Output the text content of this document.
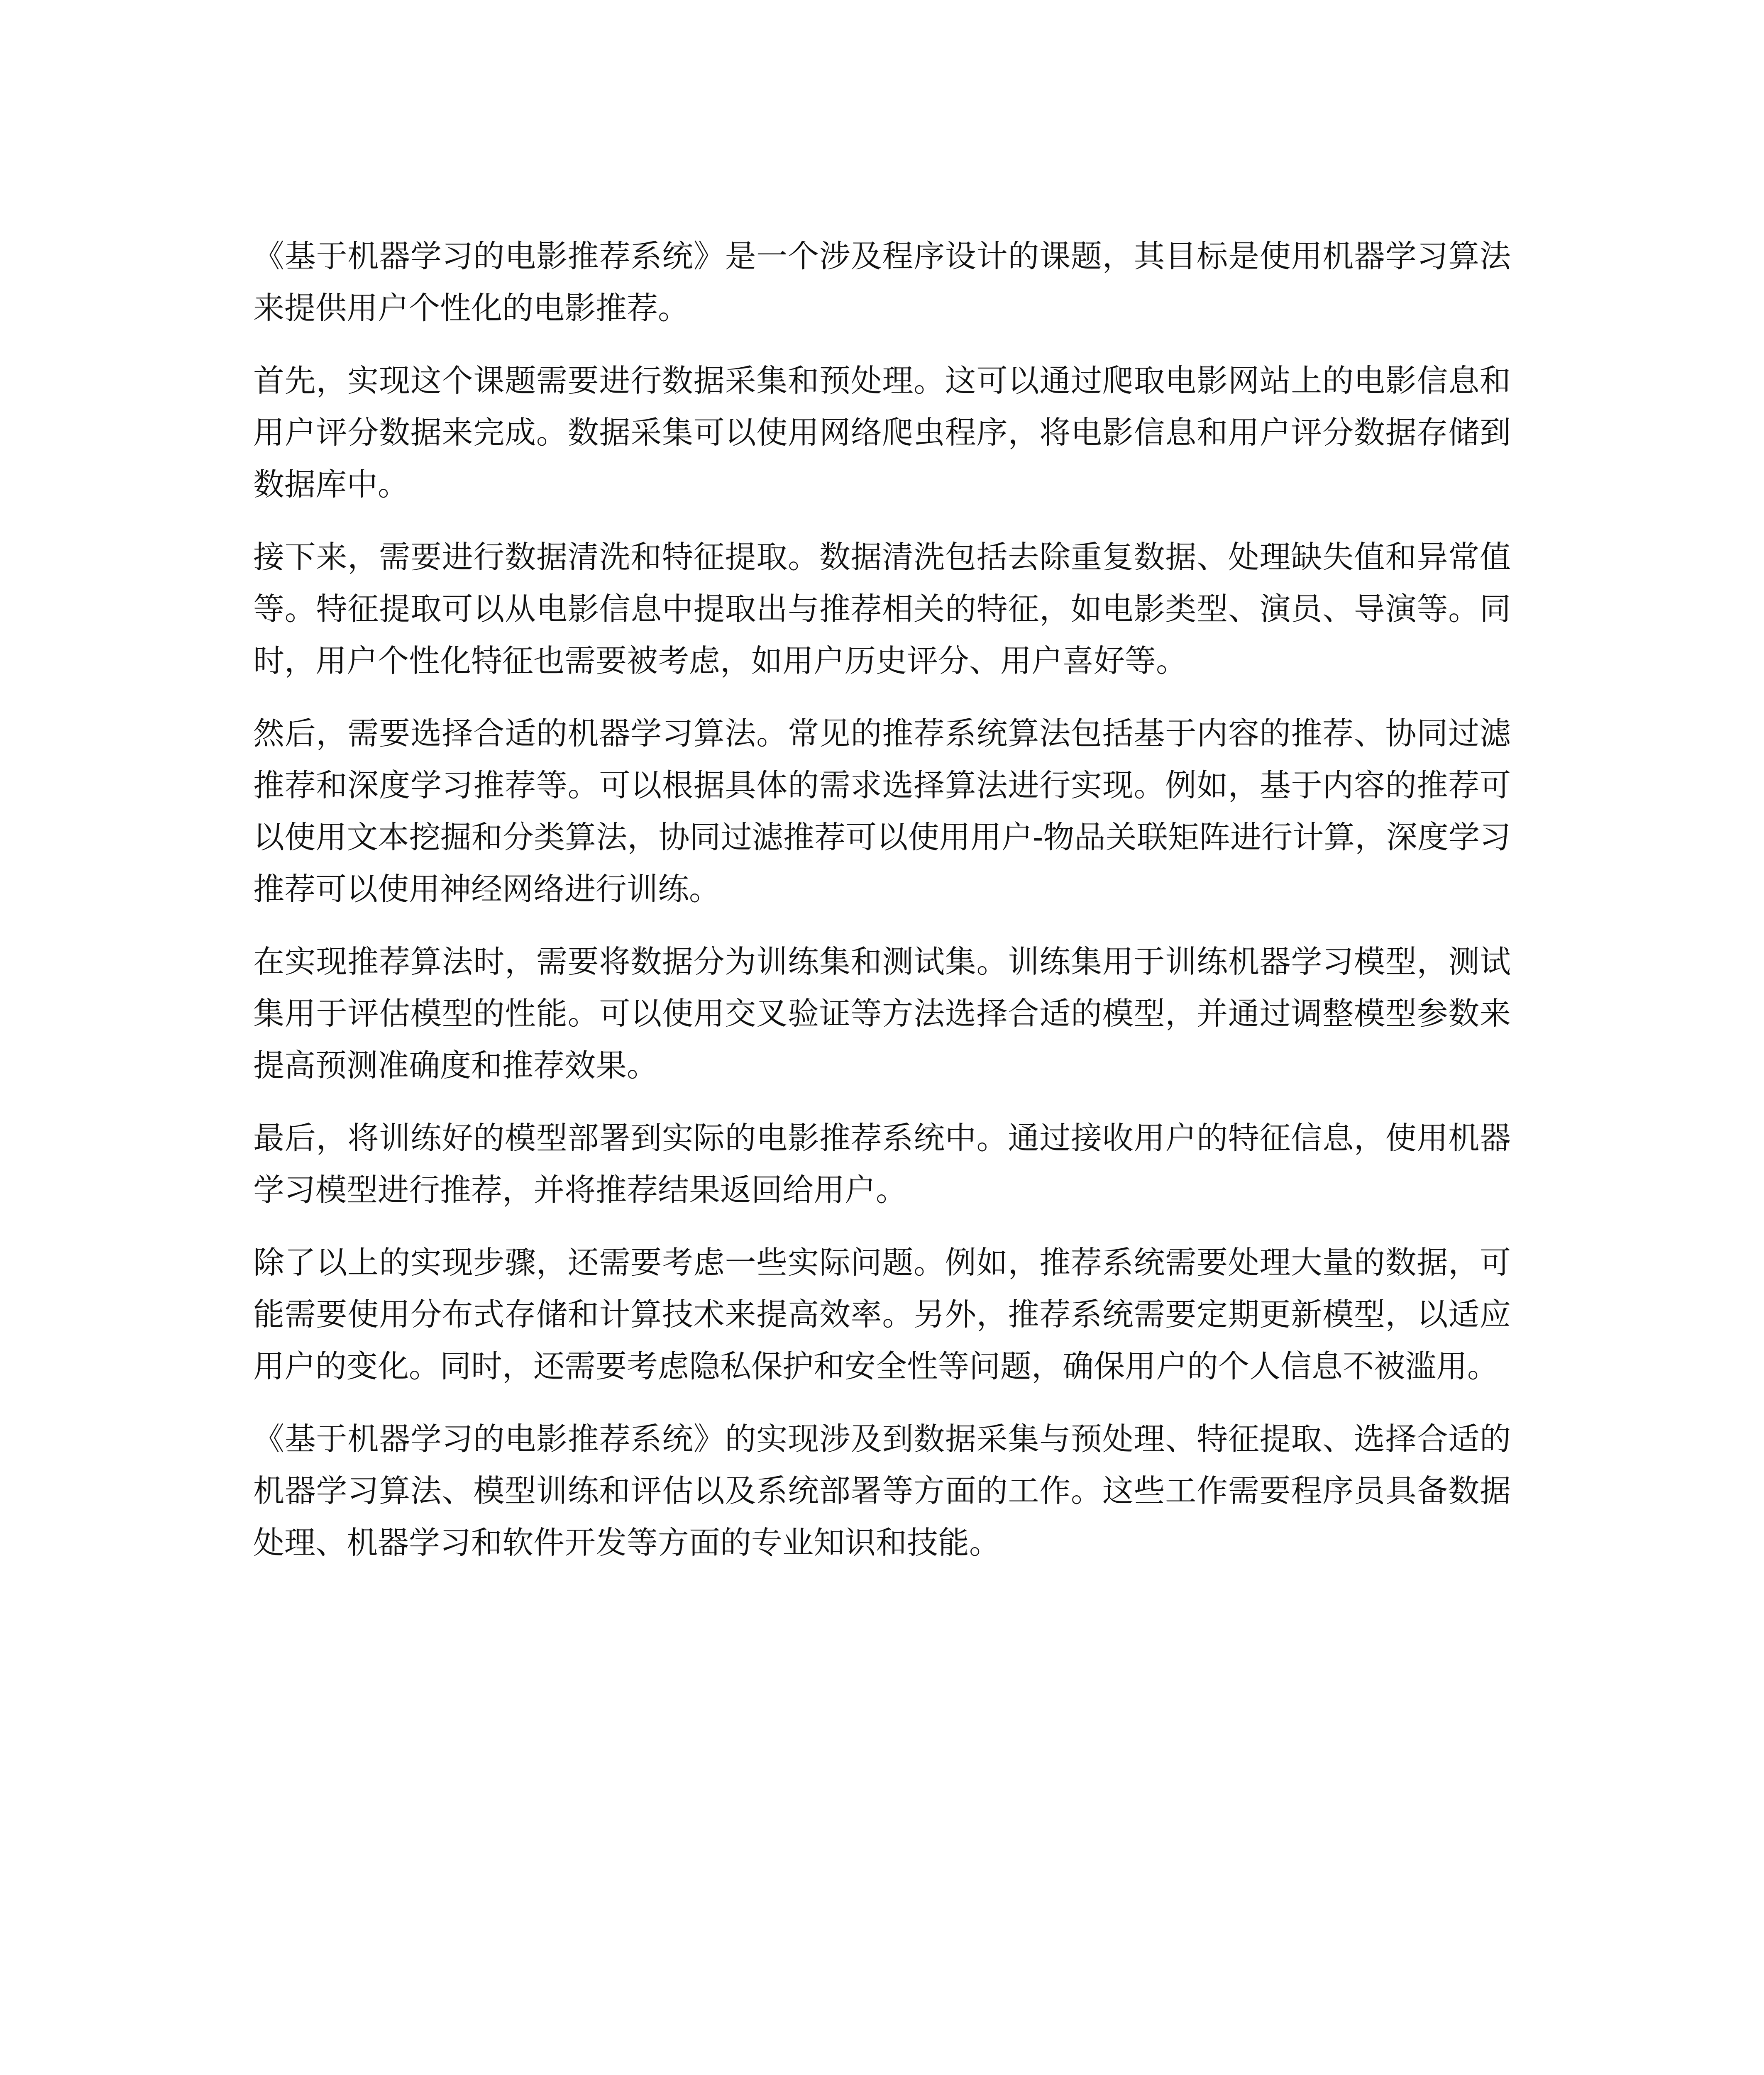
《基于机器学习的电影推荐系统》是一个涉及程序设计的课题，其目标是使用机器学习算法来提供用户个性化的电影推荐。

首先，实现这个课题需要进行数据采集和预处理。这可以通过爬取电影网站上的电影信息和用户评分数据来完成。数据采集可以使用网络爬虫程序，将电影信息和用户评分数据存储到数据库中。

接下来，需要进行数据清洗和特征提取。数据清洗包括去除重复数据、处理缺失值和异常值等。特征提取可以从电影信息中提取出与推荐相关的特征，如电影类型、演员、导演等。同时，用户个性化特征也需要被考虑，如用户历史评分、用户喜好等。

然后，需要选择合适的机器学习算法。常见的推荐系统算法包括基于内容的推荐、协同过滤推荐和深度学习推荐等。可以根据具体的需求选择算法进行实现。例如，基于内容的推荐可以使用文本挖掘和分类算法，协同过滤推荐可以使用用户-物品关联矩阵进行计算，深度学习推荐可以使用神经网络进行训练。

在实现推荐算法时，需要将数据分为训练集和测试集。训练集用于训练机器学习模型，测试集用于评估模型的性能。可以使用交叉验证等方法选择合适的模型，并通过调整模型参数来提高预测准确度和推荐效果。

最后，将训练好的模型部署到实际的电影推荐系统中。通过接收用户的特征信息，使用机器学习模型进行推荐，并将推荐结果返回给用户。

除了以上的实现步骤，还需要考虑一些实际问题。例如，推荐系统需要处理大量的数据，可能需要使用分布式存储和计算技术来提高效率。另外，推荐系统需要定期更新模型，以适应用户的变化。同时，还需要考虑隐私保护和安全性等问题，确保用户的个人信息不被滥用。

《基于机器学习的电影推荐系统》的实现涉及到数据采集与预处理、特征提取、选择合适的机器学习算法、模型训练和评估以及系统部署等方面的工作。这些工作需要程序员具备数据处理、机器学习和软件开发等方面的专业知识和技能。
